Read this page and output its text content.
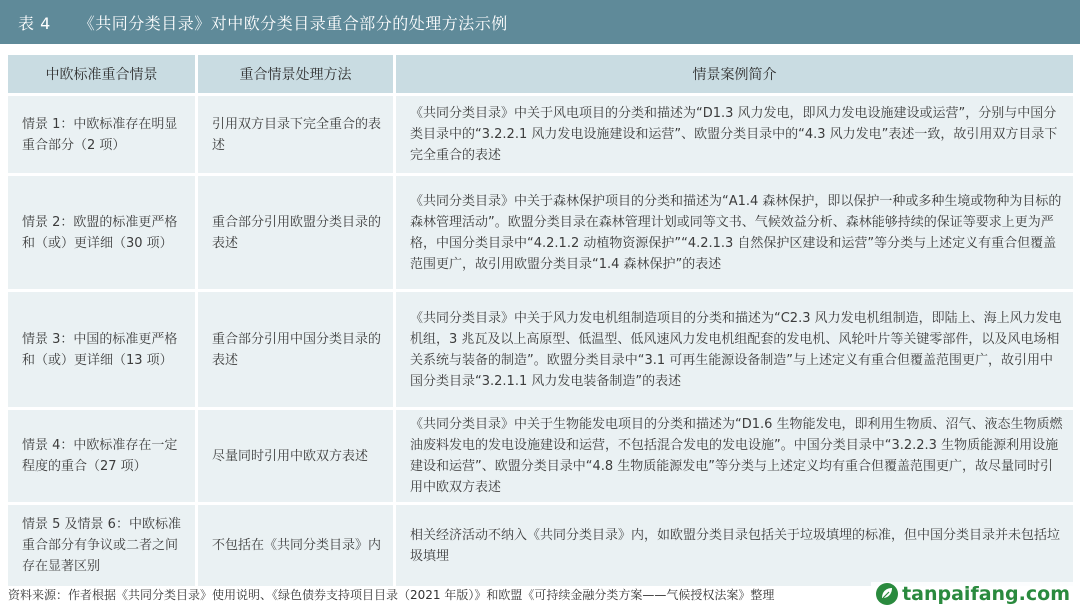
表 4 《共同分类目录》对中欧分类目录重合部分的处理方法示例
中欧标准重合情景	重合情景处理方法	情景案例简介
情景 1：中欧标准存在明显重合部分（2 项）	引用双方目录下完全重合的表述	《共同分类目录》中关于风电项目的分类和描述为“D1.3 风力发电，即风力发电设施建设或运营”，分别与中国分类目录中的“3.2.2.1 风力发电设施建设和运营”、欧盟分类目录中的“4.3 风力发电”表述一致，故引用双方目录下完全重合的表述
情景 2：欧盟的标准更严格和（或）更详细（30 项）	重合部分引用欧盟分类目录的表述	《共同分类目录》中关于森林保护项目的分类和描述为“A1.4 森林保护，即以保护一种或多种生境或物种为目标的森林管理活动”。欧盟分类目录在森林管理计划或同等文书、气候效益分析、森林能够持续的保证等要求上更为严格，中国分类目录中“4.2.1.2 动植物资源保护”“4.2.1.3 自然保护区建设和运营”等分类与上述定义有重合但覆盖范围更广，故引用欧盟分类目录“1.4 森林保护”的表述
情景 3：中国的标准更严格和（或）更详细（13 项）	重合部分引用中国分类目录的表述	《共同分类目录》中关于风力发电机组制造项目的分类和描述为“C2.3 风力发电机组制造，即陆上、海上风力发电机组，3 兆瓦及以上高原型、低温型、低风速风力发电机组配套的发电机、风轮叶片等关键零部件，以及风电场相关系统与装备的制造”。欧盟分类目录中“3.1 可再生能源设备制造”与上述定义有重合但覆盖范围更广，故引用中国分类目录“3.2.1.1 风力发电装备制造”的表述
情景 4：中欧标准存在一定程度的重合（27 项）	尽量同时引用中欧双方表述	《共同分类目录》中关于生物能发电项目的分类和描述为“D1.6 生物能发电，即利用生物质、沼气、液态生物质燃油废料发电的发电设施建设和运营，不包括混合发电的发电设施”。中国分类目录中“3.2.2.3 生物质能源利用设施建设和运营”、欧盟分类目录中“4.8 生物质能源发电”等分类与上述定义均有重合但覆盖范围更广，故尽量同时引用中欧双方表述
情景 5 及情景 6：中欧标准重合部分有争议或二者之间存在显著区别	不包括在《共同分类目录》内	相关经济活动不纳入《共同分类目录》内，如欧盟分类目录包括关于垃圾填埋的标准，但中国分类目录并未包括垃圾填埋
资料来源：作者根据《共同分类目录》使用说明、《绿色债券支持项目目录（2021 年版）》和欧盟《可持续金融分类方案——气候授权法案》整理	tanpaifang.com
